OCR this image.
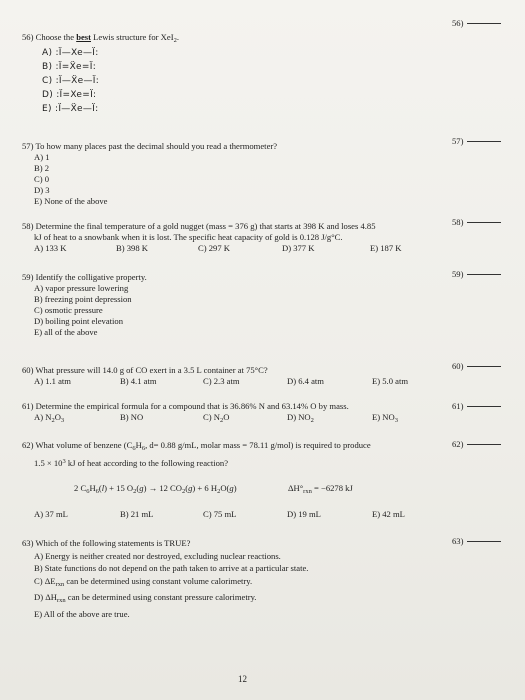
56)
56) Choose the best Lewis structure for XeI$_2$.
A) :Ï—Xe—Ï:
B) :Ï=Ẍe=Ï:
C) :Ï—Ẍe—Ï:
D) :Ï=Xe=Ï:
E) :Ï—Ẍe—Ï:
57)
57) To how many places past the decimal should you read a thermometer?
A) 1
B) 2
C) 0
D) 3
E) None of the above
58)
58) Determine the final temperature of a gold nugget (mass = 376 g) that starts at 398 K and loses 4.85
kJ of heat to a snowbank when it is lost. The specific heat capacity of gold is 0.128 J/g°C.
A) 133 K	B) 398 K	C) 297 K	D) 377 K	E) 187 K
59)
59) Identify the colligative property.
A) vapor pressure lowering
B) freezing point depression
C) osmotic pressure
D) boiling point elevation
E) all of the above
60)
60) What pressure will 14.0 g of CO exert in a 3.5 L container at 75°C?
A) 1.1 atm	B) 4.1 atm	C) 2.3 atm	D) 6.4 atm	E) 5.0 atm
61)
61) Determine the empirical formula for a compound that is 36.86% N and 63.14% O by mass.
A) $N_2O_3$	B) NO	C) $N_2O$	D) $NO_2$	E) $NO_3$
62)
62) What volume of benzene ($C_6H_6$, d= 0.88 g/mL, molar mass = 78.11 g/mol) is required to produce
$1.5 \times 10^3$ kJ of heat according to the following reaction?
2 $C_6H_6(l) + 15$ $O_2(g) \to 12$ $CO_2(g) + 6$ $H_2O(g)$	$\Delta H^\circ_{rxn} = -6278$ kJ
A) 37 mL	B) 21 mL	C) 75 mL	D) 19 mL	E) 42 mL
63)
63) Which of the following statements is TRUE?
A) Energy is neither created nor destroyed, excluding nuclear reactions.
B) State functions do not depend on the path taken to arrive at a particular state.
C) $\Delta E_{rxn}$ can be determined using constant volume calorimetry.
D) $\Delta H_{rxn}$ can be determined using constant pressure calorimetry.
E) All of the above are true.
12
